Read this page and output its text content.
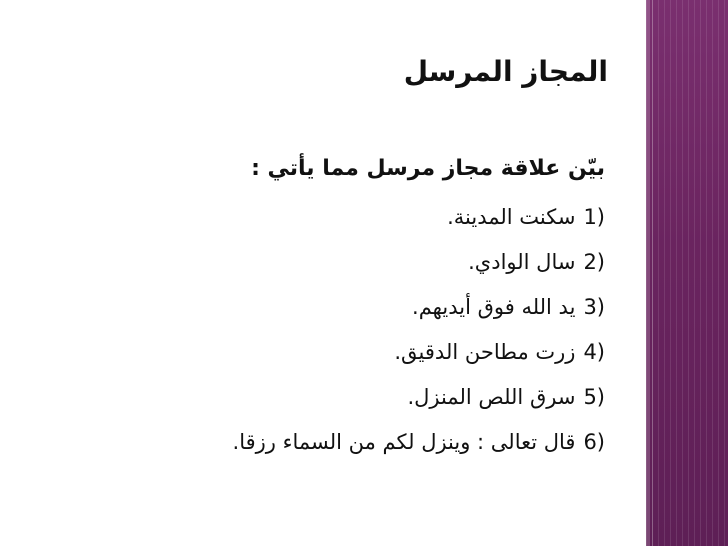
المجاز المرسل
بيّن علاقة مجاز مرسل مما يأتي :
1)سكنت المدينة.
2)سال الوادي.
3)يد الله فوق أيديهم.
4)زرت مطاحن الدقيق.
5)سرق اللص المنزل.
6)قال تعالى : وينزل لكم من السماء رزقا.
